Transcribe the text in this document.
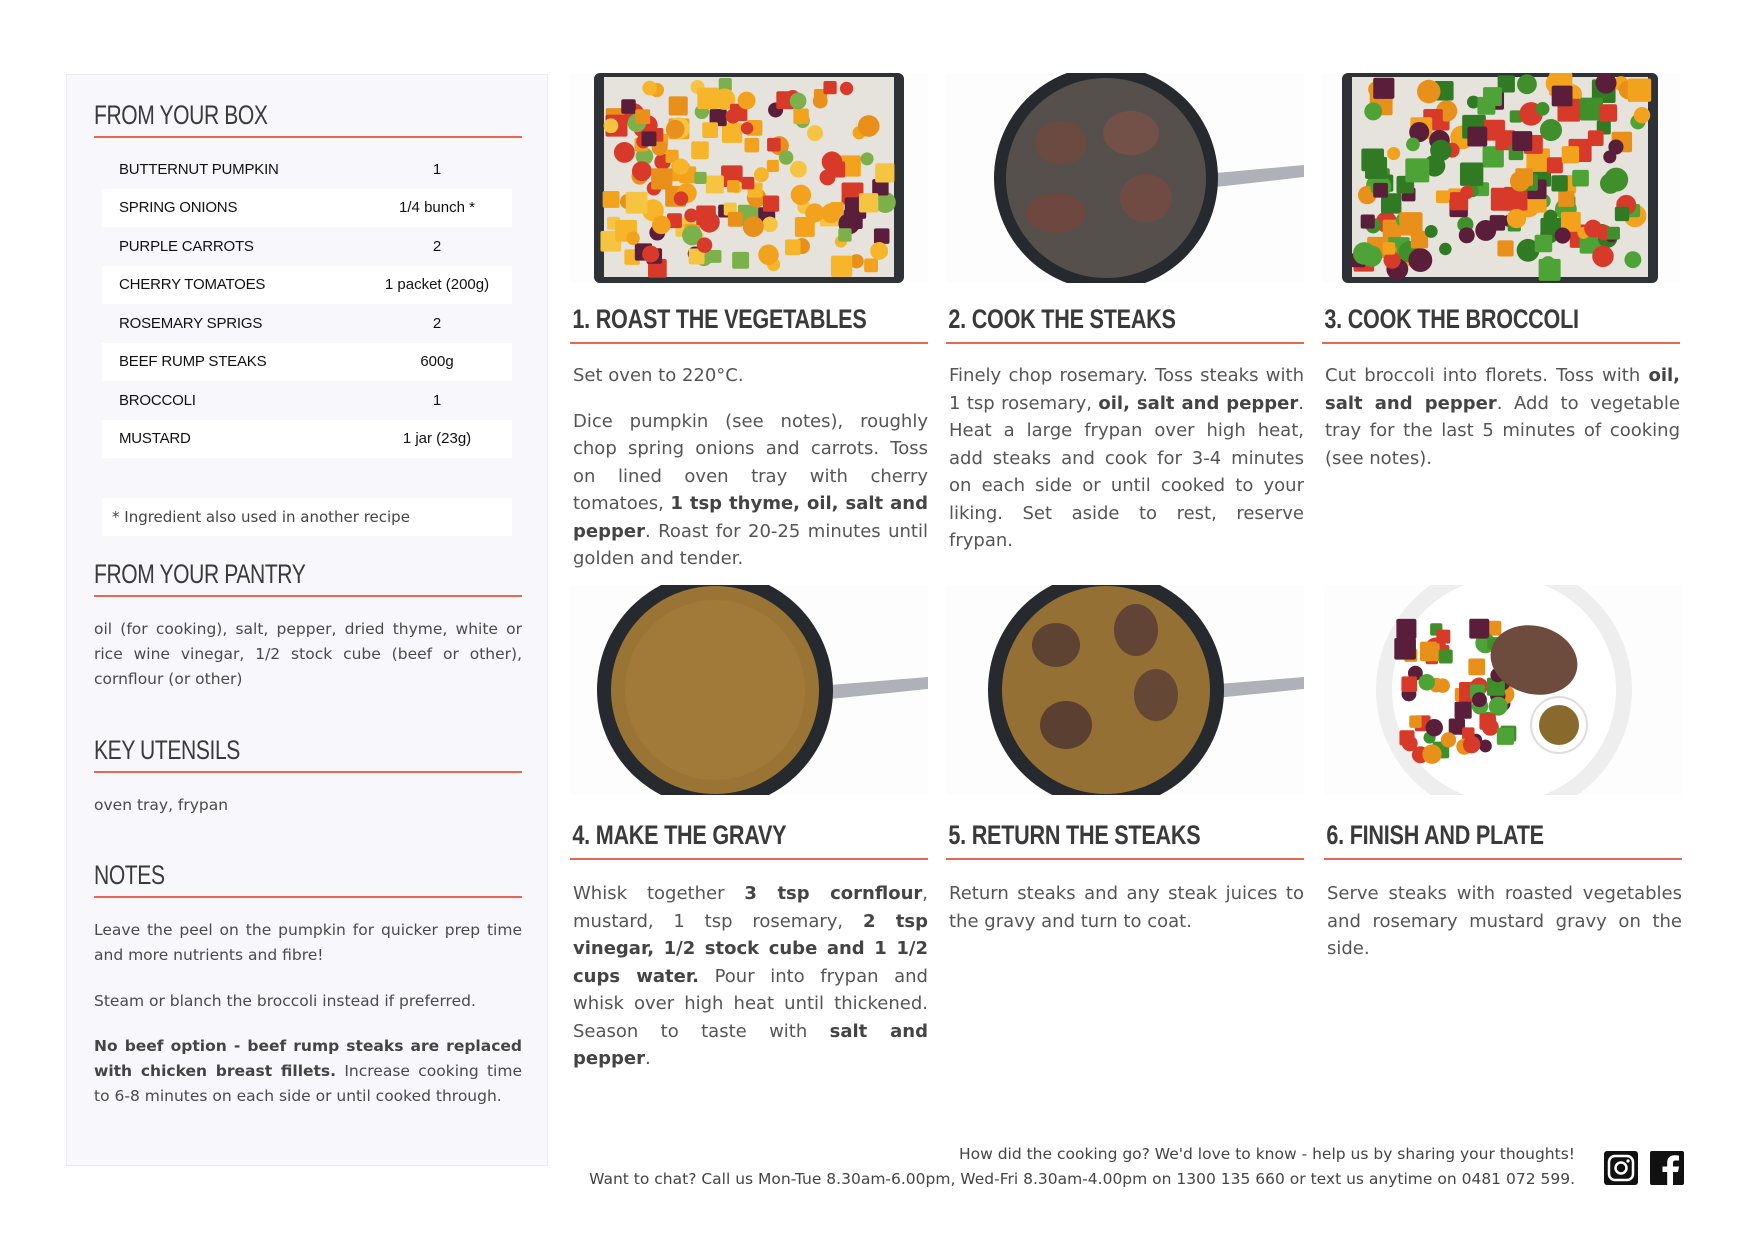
FROM YOUR BOX
BUTTERNUT PUMPKIN	1
SPRING ONIONS	1/4 bunch *
PURPLE CARROTS	2
CHERRY TOMATOES	1 packet (200g)
ROSEMARY SPRIGS	2
BEEF RUMP STEAKS	600g
BROCCOLI	1
MUSTARD	1 jar (23g)
* Ingredient also used in another recipe
FROM YOUR PANTRY

oil (for cooking), salt, pepper, dried thyme, white or rice wine vinegar, 1/2 stock cube (beef or other), cornflour (or other)

KEY UTENSILS

oven tray, frypan

NOTES

Leave the peel on the pumpkin for quicker prep time and more nutrients and fibre!

Steam or blanch the broccoli instead if preferred.

No beef option - beef rump steaks are replaced with chicken breast fillets. Increase cooking time to 6-8 minutes on each side or until cooked through.

1. ROAST THE VEGETABLES

Set oven to 220°C.

Dice pumpkin (see notes), roughly chop spring onions and carrots. Toss on lined oven tray with cherry tomatoes, 1 tsp thyme, oil, salt and pepper. Roast for 20-25 minutes until golden and tender.

2. COOK THE STEAKS

Finely chop rosemary. Toss steaks with 1 tsp rosemary, oil, salt and pepper. Heat a large frypan over high heat, add steaks and cook for 3-4 minutes on each side or until cooked to your liking. Set aside to rest, reserve frypan.

3. COOK THE BROCCOLI

Cut broccoli into florets. Toss with oil, salt and pepper. Add to vegetable tray for the last 5 minutes of cooking (see notes).

4. MAKE THE GRAVY

Whisk together 3 tsp cornflour, mustard, 1 tsp rosemary, 2 tsp vinegar, 1/2 stock cube and 1 1/2 cups water. Pour into frypan and whisk over high heat until thickened. Season to taste with salt and pepper.

5. RETURN THE STEAKS

Return steaks and any steak juices to the gravy and turn to coat.

6. FINISH AND PLATE

Serve steaks with roasted vegetables and rosemary mustard gravy on the side.

How did the cooking go? We'd love to know - help us by sharing your thoughts!
Want to chat? Call us Mon-Tue 8.30am-6.00pm, Wed-Fri 8.30am-4.00pm on 1300 135 660 or text us anytime on 0481 072 599.
